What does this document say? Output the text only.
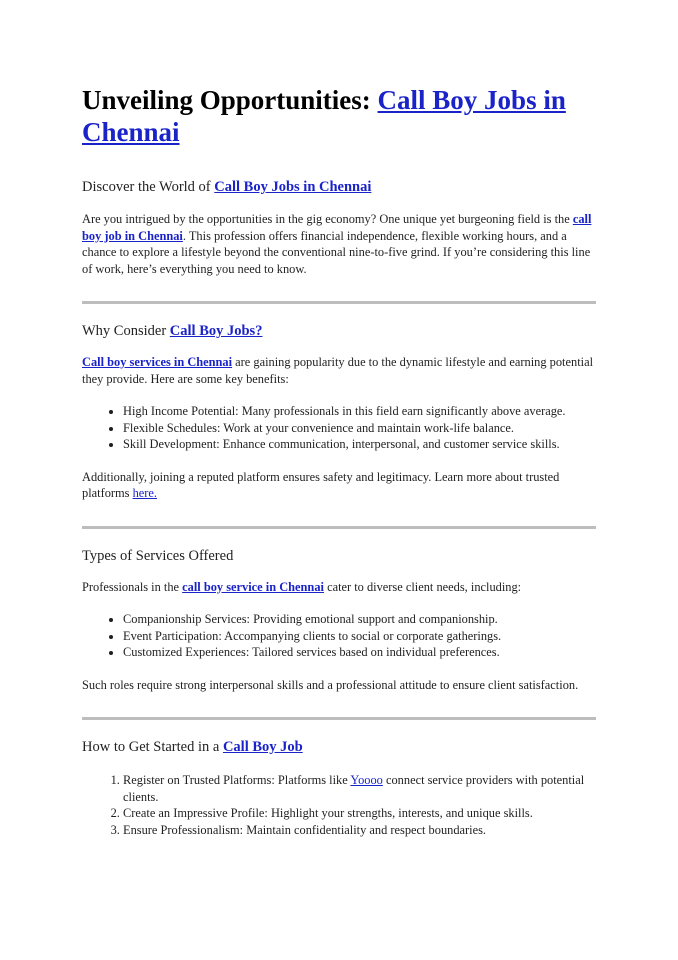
Unveiling Opportunities: Call Boy Jobs in Chennai

Discover the World of Call Boy Jobs in Chennai

Are you intrigued by the opportunities in the gig economy? One unique yet burgeoning field is the call boy job in Chennai. This profession offers financial independence, flexible working hours, and a chance to explore a lifestyle beyond the conventional nine-to-five grind. If you’re considering this line of work, here’s everything you need to know.

Why Consider Call Boy Jobs?

Call boy services in Chennai are gaining popularity due to the dynamic lifestyle and earning potential they provide. Here are some key benefits:

• High Income Potential: Many professionals in this field earn significantly above average.
• Flexible Schedules: Work at your convenience and maintain work-life balance.
• Skill Development: Enhance communication, interpersonal, and customer service skills.

Additionally, joining a reputed platform ensures safety and legitimacy. Learn more about trusted platforms here.

Types of Services Offered

Professionals in the call boy service in Chennai cater to diverse client needs, including:

• Companionship Services: Providing emotional support and companionship.
• Event Participation: Accompanying clients to social or corporate gatherings.
• Customized Experiences: Tailored services based on individual preferences.

Such roles require strong interpersonal skills and a professional attitude to ensure client satisfaction.

How to Get Started in a Call Boy Job

1. Register on Trusted Platforms: Platforms like Yoooo connect service providers with potential clients.
2. Create an Impressive Profile: Highlight your strengths, interests, and unique skills.
3. Ensure Professionalism: Maintain confidentiality and respect boundaries.
